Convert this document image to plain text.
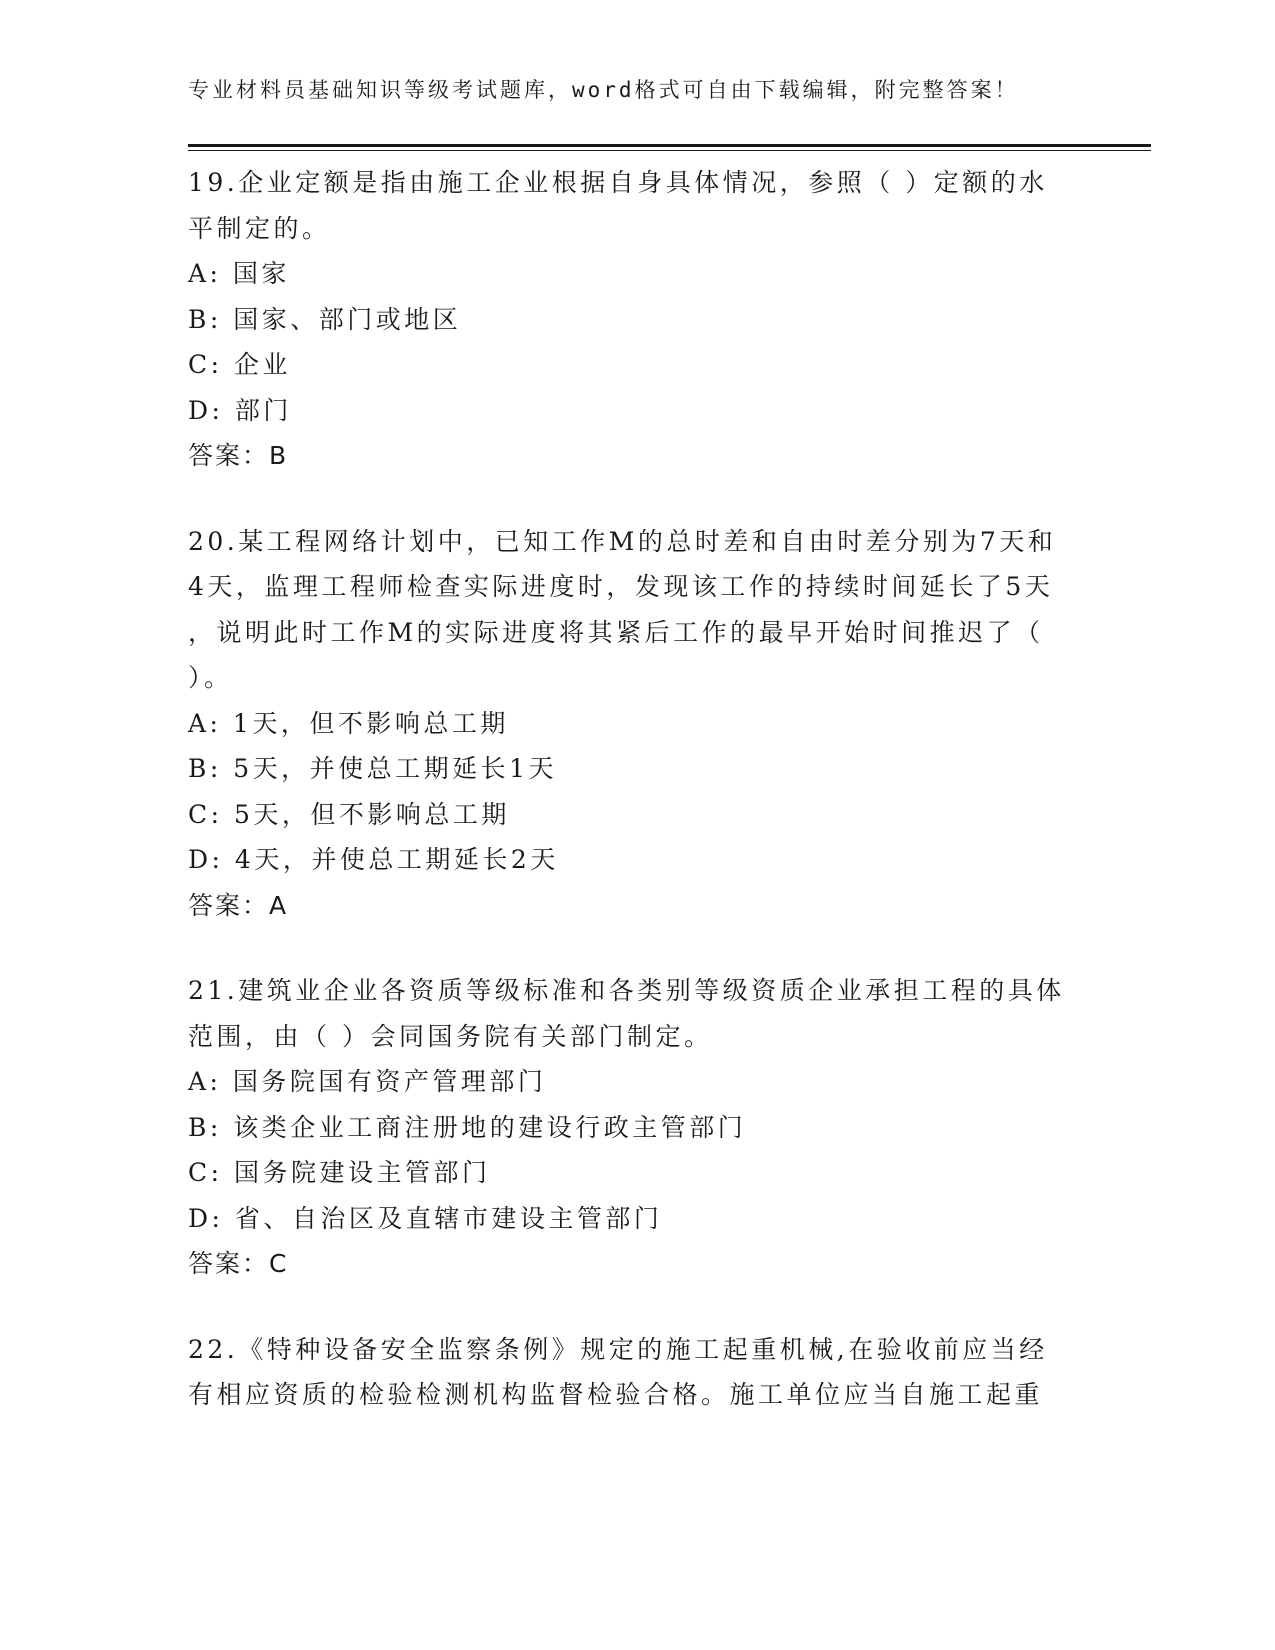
专业材料员基础知识等级考试题库，word格式可自由下载编辑，附完整答案！
19.企业定额是指由施工企业根据自身具体情况，参照（ ）定额的水
平制定的。
A: 国家
B: 国家、部门或地区
C: 企业
D: 部门
答案：B
20.某工程网络计划中，已知工作M的总时差和自由时差分别为7天和
4天，监理工程师检查实际进度时，发现该工作的持续时间延长了5天
，说明此时工作M的实际进度将其紧后工作的最早开始时间推迟了（
）。
A: 1天，但不影响总工期
B: 5天，并使总工期延长1天
C: 5天，但不影响总工期
D: 4天，并使总工期延长2天
答案：A
21.建筑业企业各资质等级标准和各类别等级资质企业承担工程的具体
范围，由（ ）会同国务院有关部门制定。
A: 国务院国有资产管理部门
B: 该类企业工商注册地的建设行政主管部门
C: 国务院建设主管部门
D: 省、自治区及直辖市建设主管部门
答案：C
22.《特种设备安全监察条例》规定的施工起重机械,在验收前应当经
有相应资质的检验检测机构监督检验合格。施工单位应当自施工起重
